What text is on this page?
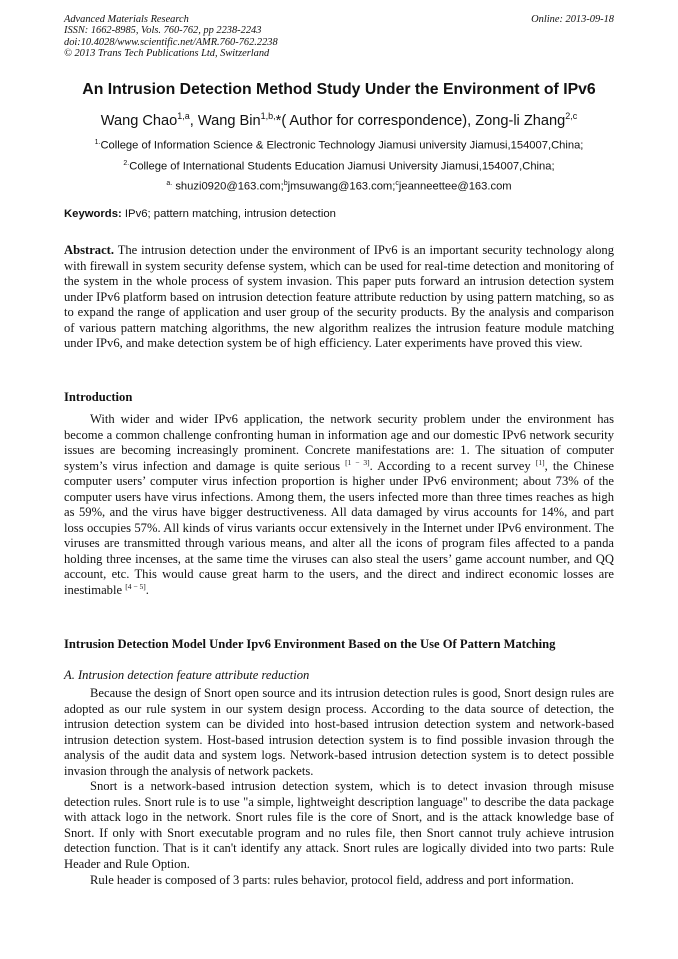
Advanced Materials Research
ISSN: 1662-8985, Vols. 760-762, pp 2238-2243
doi:10.4028/www.scientific.net/AMR.760-762.2238
© 2013 Trans Tech Publications Ltd, Switzerland
Online: 2013-09-18
An Intrusion Detection Method Study Under the Environment of IPv6
Wang Chao$^{1,a}$, Wang Bin$^{1,b,}$*( Author for correspondence), Zong-li Zhang$^{2,c}$
$^{1.}$College of Information Science & Electronic Technology Jiamusi university Jiamusi,154007,China;
$^{2.}$College of International Students Education Jiamusi University Jiamusi,154007,China;
$^{a.}$ shuzi0920@163.com;$^b$jmsuwang@163.com;$^c$jeanneettee@163.com
Keywords: IPv6; pattern matching, intrusion detection
Abstract. The intrusion detection under the environment of IPv6 is an important security technology along with firewall in system security defense system, which can be used for real-time detection and monitoring of the system in the whole process of system invasion. This paper puts forward an intrusion detection system under IPv6 platform based on intrusion detection feature attribute reduction by using pattern matching, so as to expand the range of application and user group of the security products. By the analysis and comparison of various pattern matching algorithms, the new algorithm realizes the intrusion feature module matching under IPv6, and make detection system be of high efficiency. Later experiments have proved this view.
Introduction
With wider and wider IPv6 application, the network security problem under the environment has become a common challenge confronting human in information age and our domestic IPv6 network security issues are becoming increasingly prominent. Concrete manifestations are: 1. The situation of computer system’s virus infection and damage is quite serious [1 − 3]. According to a recent survey [1], the Chinese computer users’ computer virus infection proportion is higher under IPv6 environment; about 73% of the computer users have virus infections. Among them, the users infected more than three times reaches as high as 59%, and the virus have bigger destructiveness. All data damaged by virus accounts for 14%, and part loss occupies 57%. All kinds of virus variants occur extensively in the Internet under IPv6 environment. The viruses are transmitted through various means, and alter all the icons of program files affected to a panda holding three incenses, at the same time the viruses can also steal the users’ game account number, and QQ account, etc. This would cause great harm to the users, and the direct and indirect economic losses are inestimable [4 − 5].
Intrusion Detection Model Under Ipv6 Environment Based on the Use Of Pattern Matching
A. Intrusion detection feature attribute reduction
Because the design of Snort open source and its intrusion detection rules is good, Snort design rules are adopted as our rule system in our system design process. According to the data source of detection, the intrusion detection system can be divided into host-based intrusion detection system and network-based intrusion detection system. Host-based intrusion detection system is to find possible invasion through the analysis of the audit data and system logs. Network-based intrusion detection system is to detect possible invasion through the analysis of network packets.
Snort is a network-based intrusion detection system, which is to detect invasion through misuse detection rules. Snort rule is to use "a simple, lightweight description language" to describe the data package with attack logo in the network. Snort rules file is the core of Snort, and is the attack knowledge base of Snort. If only with Snort executable program and no rules file, then Snort cannot truly achieve intrusion detection function. That is it can't identify any attack. Snort rules are logically divided into two parts: Rule Header and Rule Option.
Rule header is composed of 3 parts: rules behavior, protocol field, address and port information.
